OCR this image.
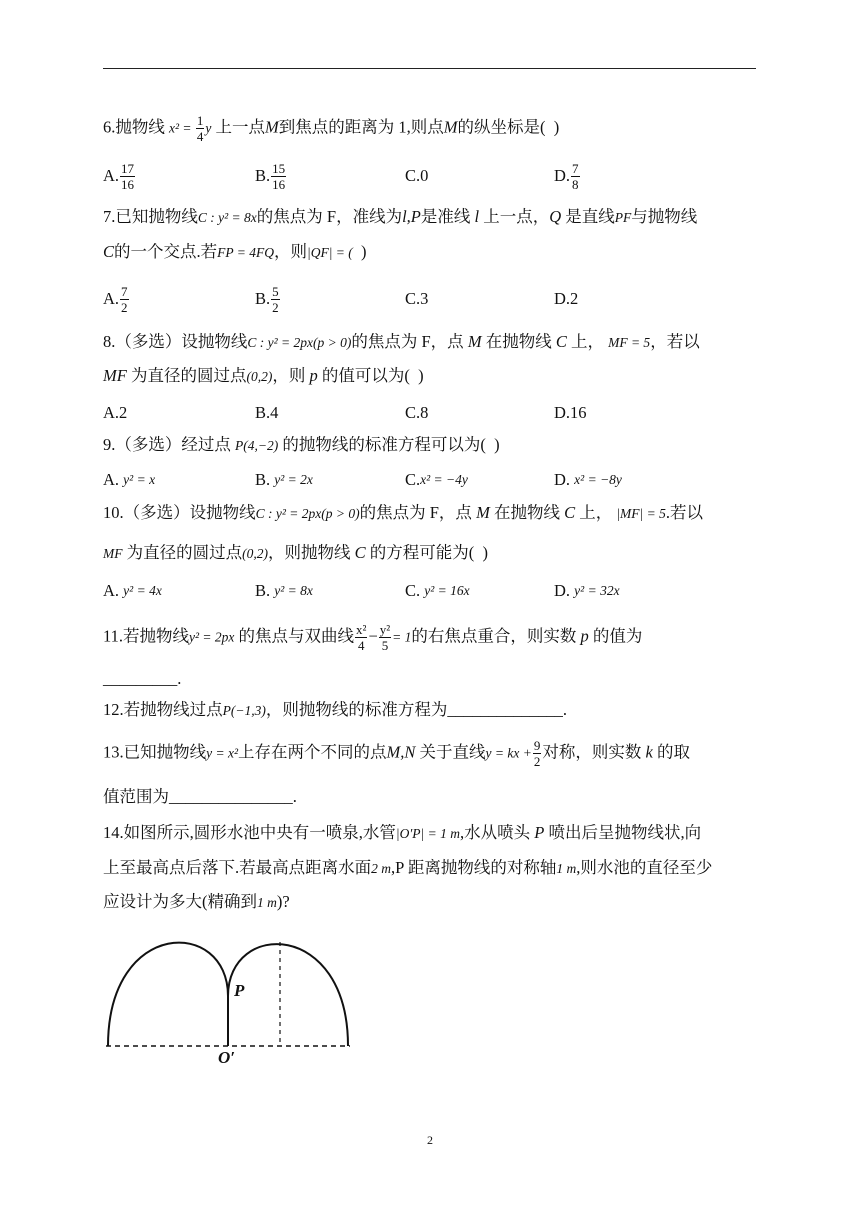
6.抛物线 $x^2 = \frac{1}{4}$ y 上一点M到焦点的距离为 1,则点M的纵坐标是( )
A. $\frac{17}{16}$	B. $\frac{15}{16}$	C.0	D. $\frac{7}{8}$
7.已知抛物线C : y² = 8x的焦点为 F，准线为l,P是准线 l 上一点，Q 是直线PF与抛物线
C的一个交点.若FP = 4FQ，则|QF| = ( )
A. $\frac{7}{2}$	B. $\frac{5}{2}$	C.3	D.2
8.（多选）设抛物线C : y² = 2px(p > 0)的焦点为 F，点 M 在抛物线 C 上， MF = 5，若以
MF 为直径的圆过点(0,2)，则 p 的值可以为( )
A.2	B.4	C.8	D.16
9.（多选）经过点 P(4,−2) 的抛物线的标准方程可以为( )
A.
y² = x	B.
y² = 2x	C. x² = −4y	D.
x² = −8y
10.（多选）设抛物线C : y² = 2px(p > 0)的焦点为 F，点 M 在抛物线 C 上， |MF| = 5.若以
MF 为直径的圆过点(0,2)，则抛物线 C 的方程可能为( )
A.
y² = 4x	B.
y² = 8x	C.
y² = 16x	D.
y² = 32x
11.若抛物线y² = 2px 的焦点与双曲线 $\frac{\text{x²}}{4} - \frac{\text{y²}}{5} = 1$的右焦点重合，则实数 p 的值为
_________.
12.若抛物线过点P(−1,3)，则抛物线的标准方程为______________.
13.已知抛物线y = x²上存在两个不同的点M,N 关于直线y = kx + $\frac{9}{2}$ 对称，则实数 k 的取
值范围为_______________.
14.如图所示,圆形水池中央有一喷泉,水管|O′P| = 1 m,水从喷头 P 喷出后呈抛物线状,向
上至最高点后落下.若最高点距离水面2 m,P 距离抛物线的对称轴1 m,则水池的直径至少
应设计为多大(精确到1 m)?
P
O′
2
